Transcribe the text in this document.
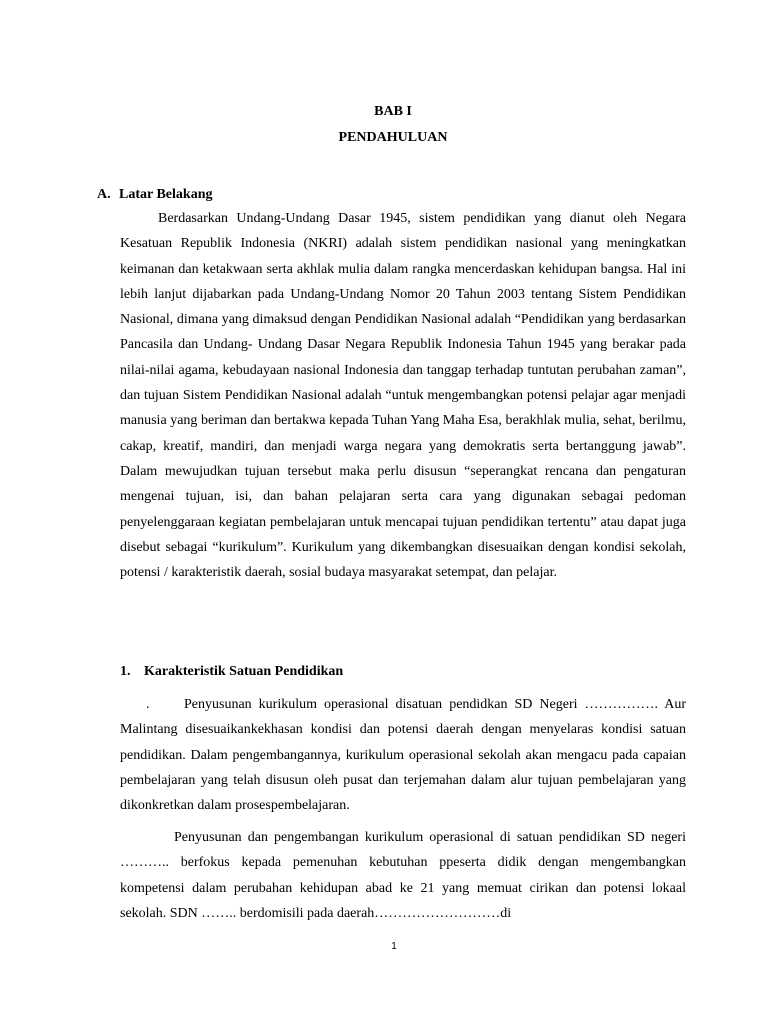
BAB I
PENDAHULUAN
A. Latar Belakang

Berdasarkan Undang-Undang Dasar 1945, sistem pendidikan yang dianut oleh Negara Kesatuan Republik Indonesia (NKRI) adalah sistem pendidikan nasional yang meningkatkan keimanan dan ketakwaan serta akhlak mulia dalam rangka mencerdaskan kehidupan bangsa. Hal ini lebih lanjut dijabarkan pada Undang-Undang Nomor 20 Tahun 2003 tentang Sistem Pendidikan Nasional, dimana yang dimaksud dengan Pendidikan Nasional adalah “Pendidikan yang berdasarkan Pancasila dan Undang- Undang Dasar Negara Republik Indonesia Tahun 1945 yang berakar pada nilai-nilai agama, kebudayaan nasional Indonesia dan tanggap terhadap tuntutan perubahan zaman”, dan tujuan Sistem Pendidikan Nasional adalah “untuk mengembangkan potensi pelajar agar menjadi manusia yang beriman dan bertakwa kepada Tuhan Yang Maha Esa, berakhlak mulia, sehat, berilmu, cakap, kreatif, mandiri, dan menjadi warga negara yang demokratis serta bertanggung jawab”. Dalam mewujudkan tujuan tersebut maka perlu disusun “seperangkat rencana dan pengaturan mengenai tujuan, isi, dan bahan pelajaran serta cara yang digunakan sebagai pedoman penyelenggaraan kegiatan pembelajaran untuk mencapai tujuan pendidikan tertentu” atau dapat juga disebut sebagai “kurikulum”. Kurikulum yang dikembangkan disesuaikan dengan kondisi sekolah, potensi / karakteristik daerah, sosial budaya masyarakat setempat, dan pelajar.

1. Karakteristik Satuan Pendidikan

. Penyusunan kurikulum operasional disatuan pendidkan SD Negeri ……………. Aur Malintang disesuaikankekhasan kondisi dan potensi daerah dengan menyelaras kondisi satuan pendidikan. Dalam pengembangannya, kurikulum operasional sekolah akan mengacu pada capaian pembelajaran yang telah disusun oleh pusat dan terjemahan dalam alur tujuan pembelajaran yang dikonkretkan dalam prosespembelajaran.

Penyusunan dan pengembangan kurikulum operasional di satuan pendidikan SD negeri ……….. berfokus kepada pemenuhan kebutuhan ppeserta didik dengan mengembangkan kompetensi dalam perubahan kehidupan abad ke 21 yang memuat cirikan dan potensi lokaal sekolah. SDN …….. berdomisili pada daerah………………………di

1
